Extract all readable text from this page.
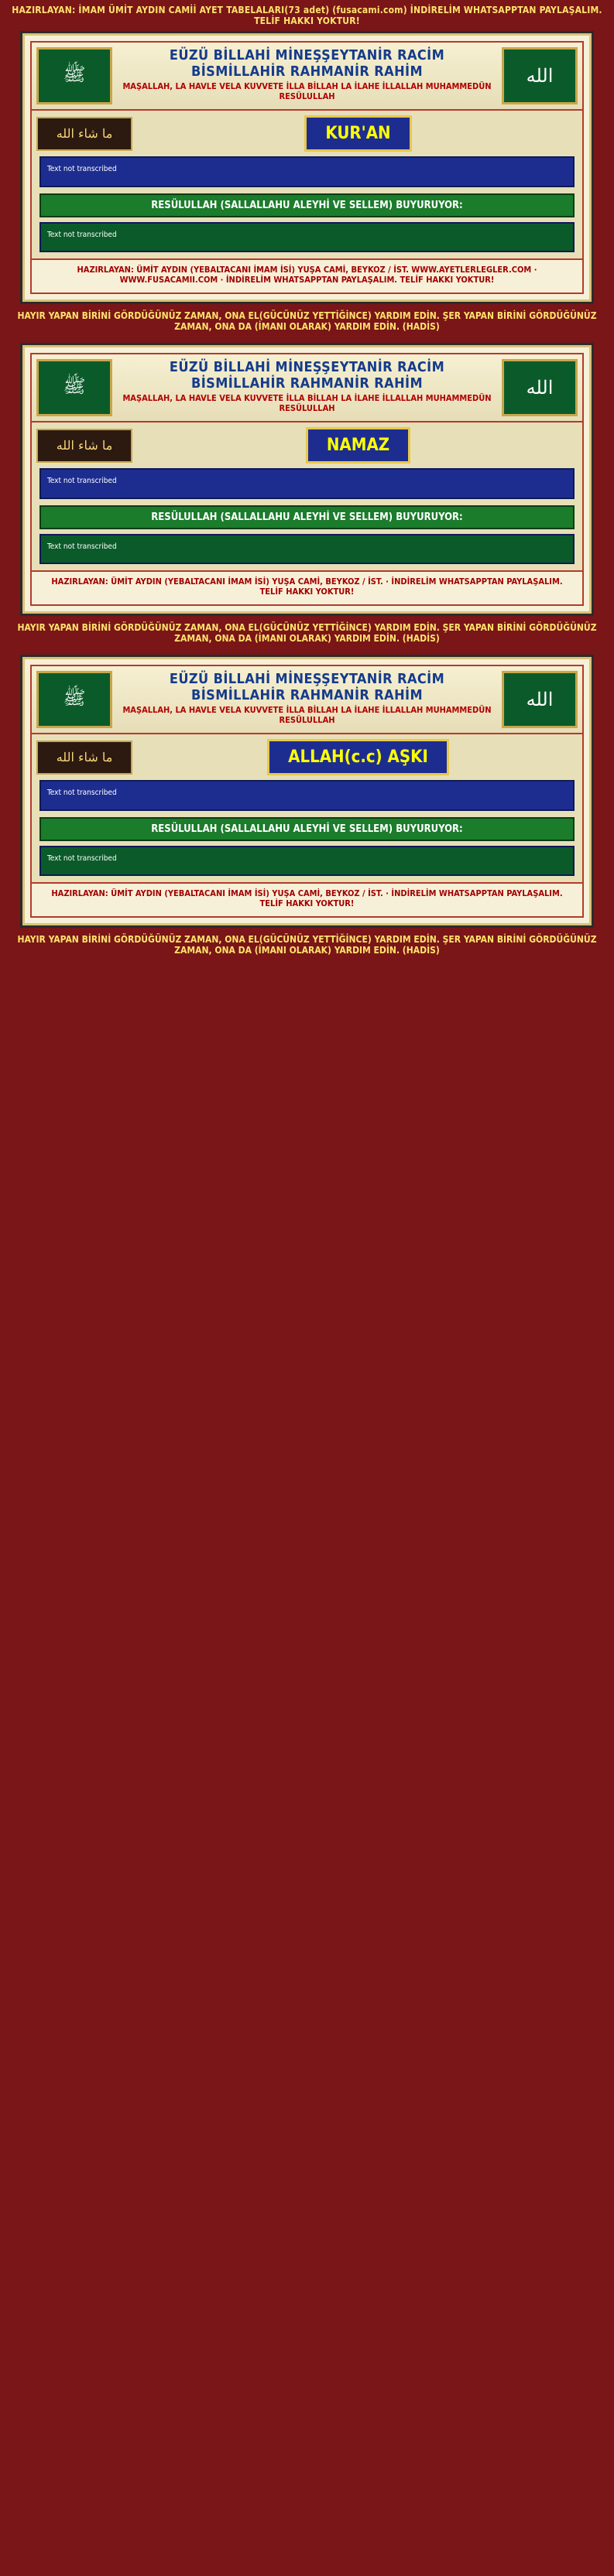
HAZIRLAYAN: İMAM ÜMİT AYDIN CAMİİ AYET TABELALARI(73 adet) (fusacami.com) İNDİRELİM WHATSAPPTAN PAYLAŞALIM. TELİF HAKKI YOKTUR!
ﷺ
EÜZÜ BİLLAHİ MİNEŞŞEYTANİR RACİM
BİSMİLLAHİR RAHMANİR RAHİM
MAŞALLAH, LA HAVLE VELA KUVVETE İLLA BİLLAH LA İLAHE İLLALLAH MUHAMMEDÜN RESÜLULLAH
الله
ما شاء الله	KUR'AN

Text not transcribed

RESÜLULLAH (SALLALLAHU ALEYHİ VE SELLEM) BUYURUYOR:

Text not transcribed

HAZIRLAYAN: ÜMİT AYDIN (YEBALTACANI İMAM İSİ) YUŞA CAMİ, BEYKOZ / İST. WWW.AYETLERLEGLER.COM · WWW.FUSACAMII.COM · İNDİRELİM WHATSAPPTAN PAYLAŞALIM. TELİF HAKKI YOKTUR!
HAYIR YAPAN BİRİNİ GÖRDÜĞÜNÜZ ZAMAN, ONA EL(GÜCÜNÜZ YETTİĞİNCE) YARDIM EDİN. ŞER YAPAN BİRİNİ GÖRDÜĞÜNÜZ ZAMAN, ONA DA (İMANI OLARAK) YARDIM EDİN. (HADİS)
ﷺ
EÜZÜ BİLLAHİ MİNEŞŞEYTANİR RACİM
BİSMİLLAHİR RAHMANİR RAHİM
MAŞALLAH, LA HAVLE VELA KUVVETE İLLA BİLLAH LA İLAHE İLLALLAH MUHAMMEDÜN RESÜLULLAH
الله
ما شاء الله	NAMAZ

Text not transcribed

RESÜLULLAH (SALLALLAHU ALEYHİ VE SELLEM) BUYURUYOR:

Text not transcribed

HAZIRLAYAN: ÜMİT AYDIN (YEBALTACANI İMAM İSİ) YUŞA CAMİ, BEYKOZ / İST. · İNDİRELİM WHATSAPPTAN PAYLAŞALIM. TELİF HAKKI YOKTUR!
HAYIR YAPAN BİRİNİ GÖRDÜĞÜNÜZ ZAMAN, ONA EL(GÜCÜNÜZ YETTİĞİNCE) YARDIM EDİN. ŞER YAPAN BİRİNİ GÖRDÜĞÜNÜZ ZAMAN, ONA DA (İMANI OLARAK) YARDIM EDİN. (HADİS)
ﷺ
EÜZÜ BİLLAHİ MİNEŞŞEYTANİR RACİM
BİSMİLLAHİR RAHMANİR RAHİM
MAŞALLAH, LA HAVLE VELA KUVVETE İLLA BİLLAH LA İLAHE İLLALLAH MUHAMMEDÜN RESÜLULLAH
الله
ما شاء الله	ALLAH(c.c) AŞKI

Text not transcribed

RESÜLULLAH (SALLALLAHU ALEYHİ VE SELLEM) BUYURUYOR:

Text not transcribed

HAZIRLAYAN: ÜMİT AYDIN (YEBALTACANI İMAM İSİ) YUŞA CAMİ, BEYKOZ / İST. · İNDİRELİM WHATSAPPTAN PAYLAŞALIM. TELİF HAKKI YOKTUR!
HAYIR YAPAN BİRİNİ GÖRDÜĞÜNÜZ ZAMAN, ONA EL(GÜCÜNÜZ YETTİĞİNCE) YARDIM EDİN. ŞER YAPAN BİRİNİ GÖRDÜĞÜNÜZ ZAMAN, ONA DA (İMANI OLARAK) YARDIM EDİN. (HADİS)
